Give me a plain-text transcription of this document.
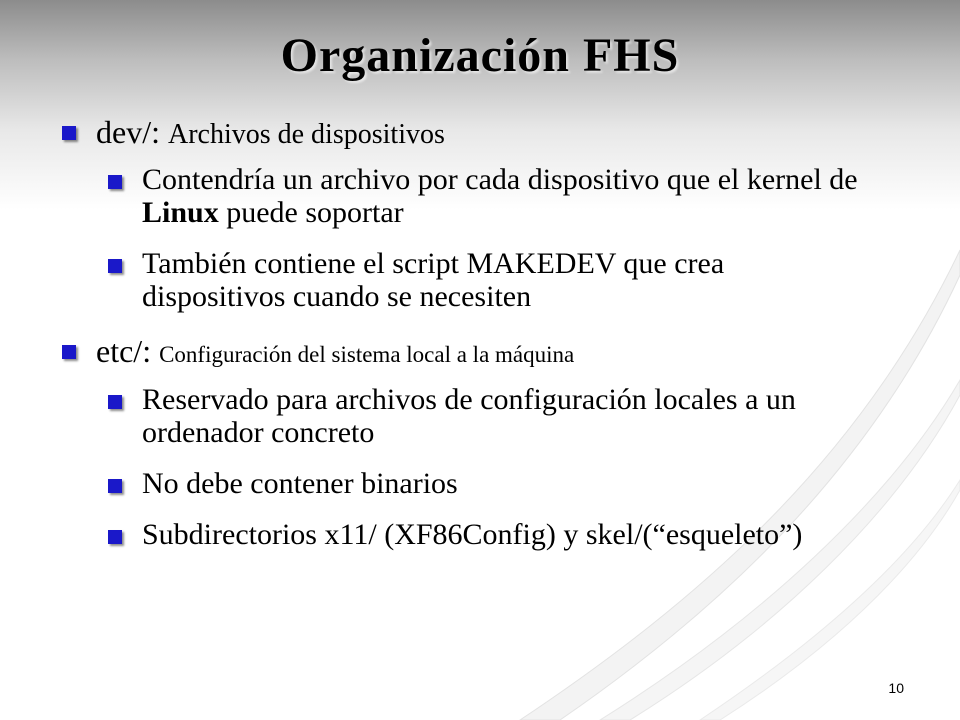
Organización FHS
dev/: Archivos de dispositivos
Contendría un archivo por cada dispositivo que el kernel de Linux puede soportar
También contiene el script MAKEDEV que crea dispositivos cuando se necesiten
etc/: Configuración del sistema local a la máquina
Reservado para archivos de configuración locales a un ordenador concreto
No debe contener binarios
Subdirectorios x11/ (XF86Config) y skel/(“esqueleto”)
10
